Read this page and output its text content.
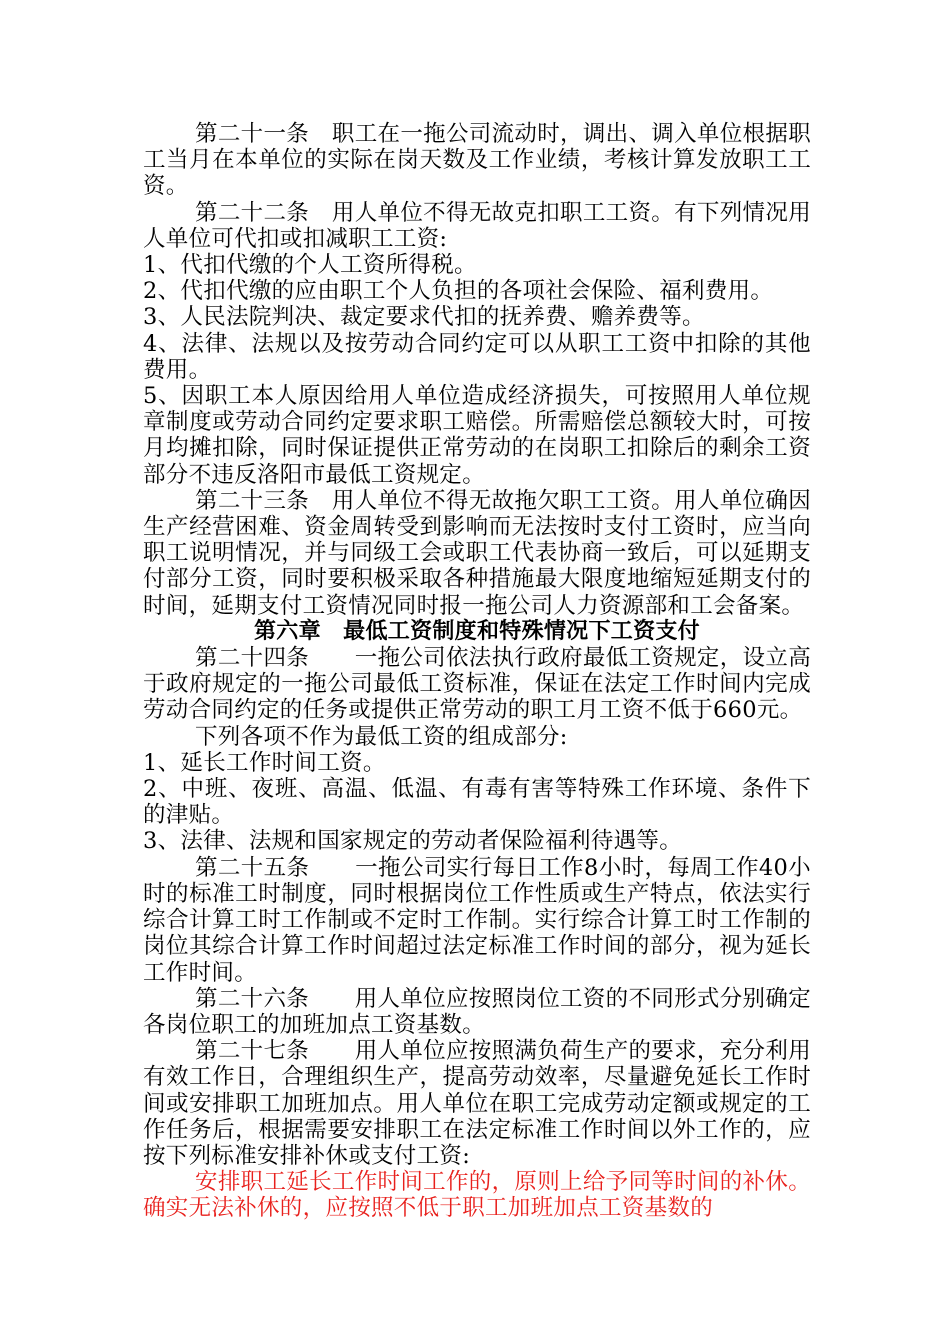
第二十一条　职工在一拖公司流动时，调出、调入单位根据职工当月在本单位的实际在岗天数及工作业绩，考核计算发放职工工资。

第二十二条　用人单位不得无故克扣职工工资。有下列情况用人单位可代扣或扣减职工工资:

1、代扣代缴的个人工资所得税。

2、代扣代缴的应由职工个人负担的各项社会保险、福利费用。

3、人民法院判决、裁定要求代扣的抚养费、赡养费等。

4、法律、法规以及按劳动合同约定可以从职工工资中扣除的其他费用。

5、因职工本人原因给用人单位造成经济损失，可按照用人单位规章制度或劳动合同约定要求职工赔偿。所需赔偿总额较大时，可按月均摊扣除，同时保证提供正常劳动的在岗职工扣除后的剩余工资部分不违反洛阳市最低工资规定。

第二十三条　用人单位不得无故拖欠职工工资。用人单位确因生产经营困难、资金周转受到影响而无法按时支付工资时，应当向职工说明情况，并与同级工会或职工代表协商一致后，可以延期支付部分工资，同时要积极采取各种措施最大限度地缩短延期支付的时间，延期支付工资情况同时报一拖公司人力资源部和工会备案。

第六章　最低工资制度和特殊情况下工资支付

第二十四条　　一拖公司依法执行政府最低工资规定，设立高于政府规定的一拖公司最低工资标准，保证在法定工作时间内完成劳动合同约定的任务或提供正常劳动的职工月工资不低于660元。

下列各项不作为最低工资的组成部分:

1、延长工作时间工资。

2、中班、夜班、高温、低温、有毒有害等特殊工作环境、条件下的津贴。

3、法律、法规和国家规定的劳动者保险福利待遇等。

第二十五条　　一拖公司实行每日工作8小时，每周工作40小时的标准工时制度，同时根据岗位工作性质或生产特点，依法实行综合计算工时工作制或不定时工作制。实行综合计算工时工作制的岗位其综合计算工作时间超过法定标准工作时间的部分，视为延长工作时间。

第二十六条　　用人单位应按照岗位工资的不同形式分别确定各岗位职工的加班加点工资基数。

第二十七条　　用人单位应按照满负荷生产的要求，充分利用有效工作日，合理组织生产，提高劳动效率，尽量避免延长工作时间或安排职工加班加点。用人单位在职工完成劳动定额或规定的工作任务后，根据需要安排职工在法定标准工作时间以外工作的，应按下列标准安排补休或支付工资:

安排职工延长工作时间工作的，原则上给予同等时间的补休。确实无法补休的，应按照不低于职工加班加点工资基数的
